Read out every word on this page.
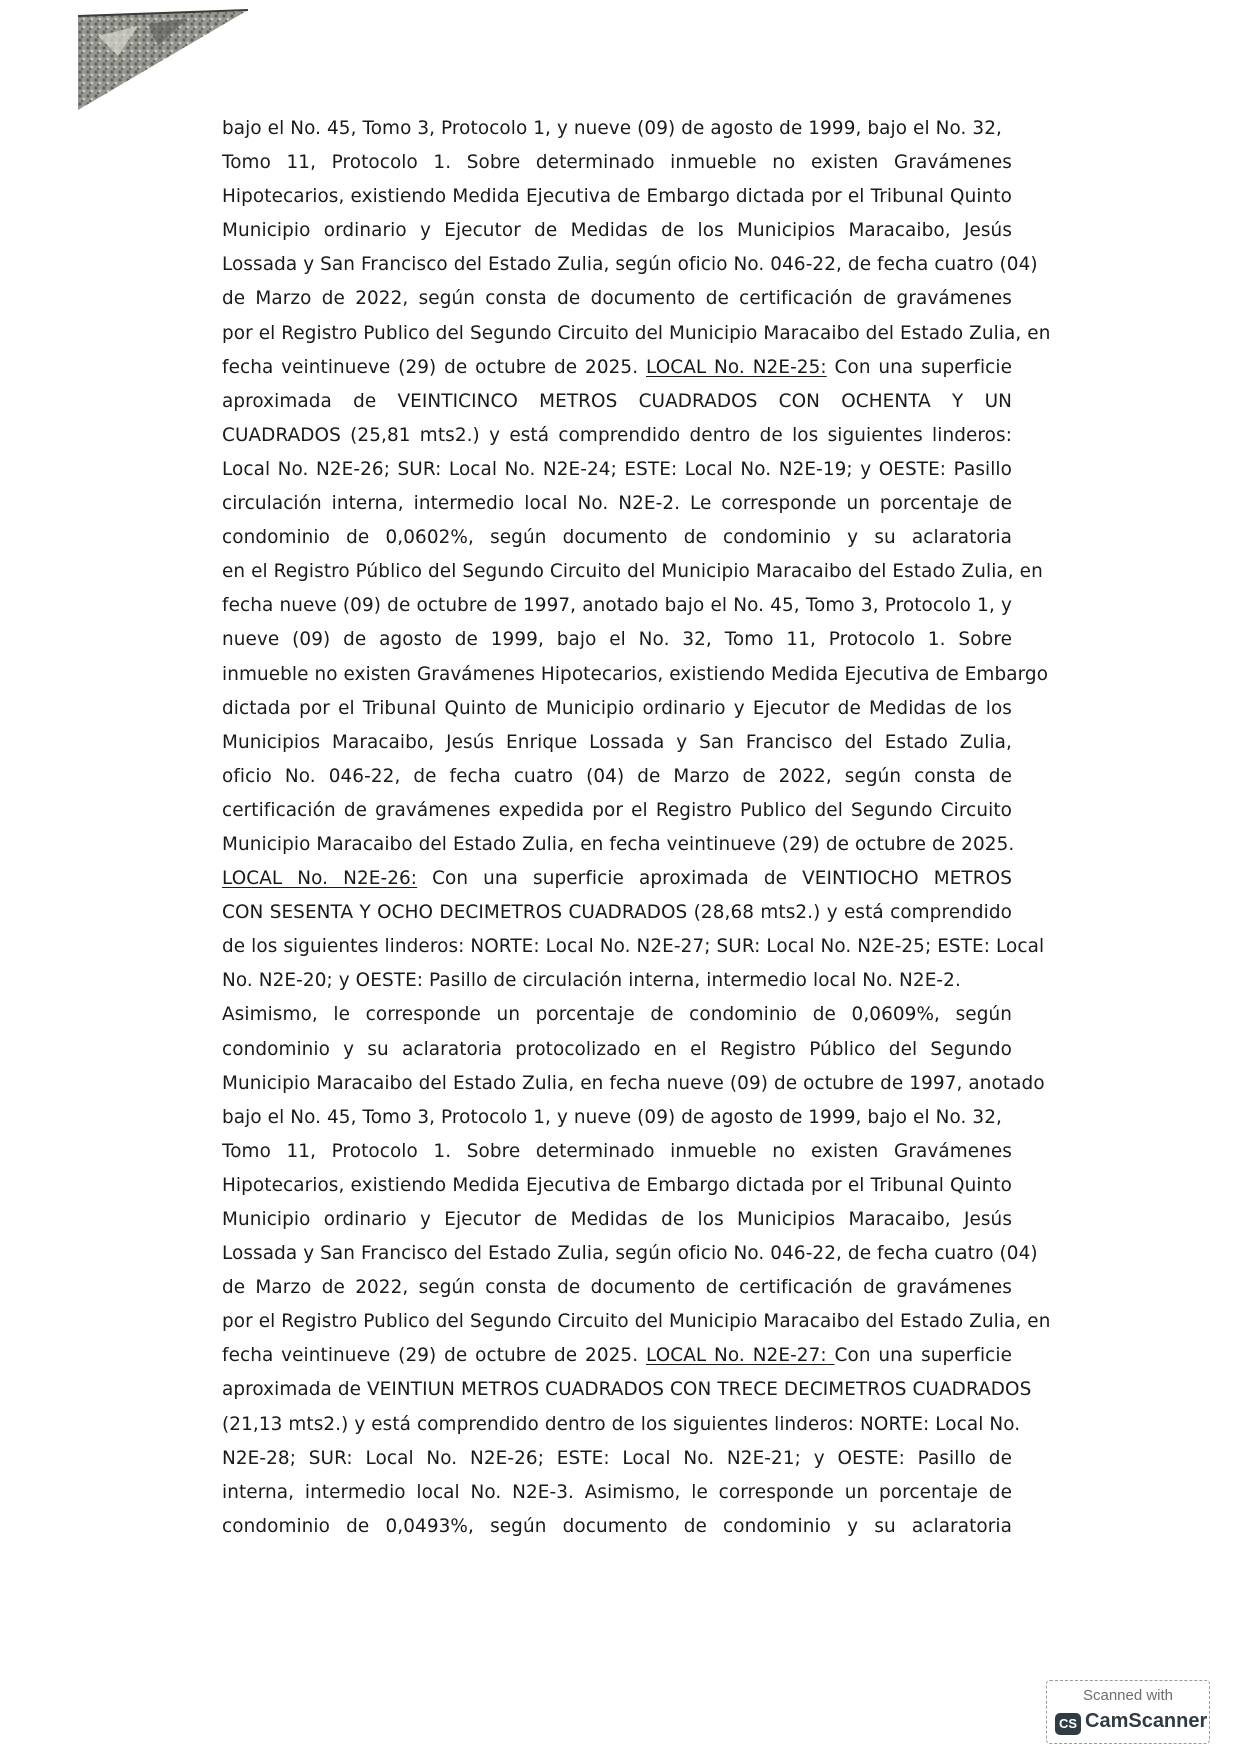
bajo el No. 45, Tomo 3, Protocolo 1, y nueve (09) de agosto de 1999, bajo el No. 32,
Tomo 11, Protocolo 1. Sobre determinado inmueble no existen Gravámenes
Hipotecarios, existiendo Medida Ejecutiva de Embargo dictada por el Tribunal Quinto
Municipio ordinario y Ejecutor de Medidas de los Municipios Maracaibo, Jesús
Lossada y San Francisco del Estado Zulia, según oficio No. 046-22, de fecha cuatro (04)
de Marzo de 2022, según consta de documento de certificación de gravámenes
por el Registro Publico del Segundo Circuito del Municipio Maracaibo del Estado Zulia, en
fecha veintinueve (29) de octubre de 2025. LOCAL No. N2E-25: Con una superficie
aproximada de VEINTICINCO METROS CUADRADOS CON OCHENTA Y UN
CUADRADOS (25,81 mts2.) y está comprendido dentro de los siguientes linderos:
Local No. N2E-26; SUR: Local No. N2E-24; ESTE: Local No. N2E-19; y OESTE: Pasillo
circulación interna, intermedio local No. N2E-2. Le corresponde un porcentaje de
condominio de 0,0602%, según documento de condominio y su aclaratoria
en el Registro Público del Segundo Circuito del Municipio Maracaibo del Estado Zulia, en
fecha nueve (09) de octubre de 1997, anotado bajo el No. 45, Tomo 3, Protocolo 1, y
nueve (09) de agosto de 1999, bajo el No. 32, Tomo 11, Protocolo 1. Sobre
inmueble no existen Gravámenes Hipotecarios, existiendo Medida Ejecutiva de Embargo
dictada por el Tribunal Quinto de Municipio ordinario y Ejecutor de Medidas de los
Municipios Maracaibo, Jesús Enrique Lossada y San Francisco del Estado Zulia,
oficio No. 046-22, de fecha cuatro (04) de Marzo de 2022, según consta de
certificación de gravámenes expedida por el Registro Publico del Segundo Circuito
Municipio Maracaibo del Estado Zulia, en fecha veintinueve (29) de octubre de 2025.
LOCAL No. N2E-26: Con una superficie aproximada de VEINTIOCHO METROS
CON SESENTA Y OCHO DECIMETROS CUADRADOS (28,68 mts2.) y está comprendido
de los siguientes linderos: NORTE: Local No. N2E-27; SUR: Local No. N2E-25; ESTE: Local
No. N2E-20; y OESTE: Pasillo de circulación interna, intermedio local No. N2E-2.
Asimismo, le corresponde un porcentaje de condominio de 0,0609%, según
condominio y su aclaratoria protocolizado en el Registro Público del Segundo
Municipio Maracaibo del Estado Zulia, en fecha nueve (09) de octubre de 1997, anotado
bajo el No. 45, Tomo 3, Protocolo 1, y nueve (09) de agosto de 1999, bajo el No. 32,
Tomo 11, Protocolo 1. Sobre determinado inmueble no existen Gravámenes
Hipotecarios, existiendo Medida Ejecutiva de Embargo dictada por el Tribunal Quinto
Municipio ordinario y Ejecutor de Medidas de los Municipios Maracaibo, Jesús
Lossada y San Francisco del Estado Zulia, según oficio No. 046-22, de fecha cuatro (04)
de Marzo de 2022, según consta de documento de certificación de gravámenes
por el Registro Publico del Segundo Circuito del Municipio Maracaibo del Estado Zulia, en
fecha veintinueve (29) de octubre de 2025. LOCAL No. N2E-27: Con una superficie
aproximada de VEINTIUN METROS CUADRADOS CON TRECE DECIMETROS CUADRADOS
(21,13 mts2.) y está comprendido dentro de los siguientes linderos: NORTE: Local No.
N2E-28; SUR: Local No. N2E-26; ESTE: Local No. N2E-21; y OESTE: Pasillo de
interna, intermedio local No. N2E-3. Asimismo, le corresponde un porcentaje de
condominio de 0,0493%, según documento de condominio y su aclaratoria
Scanned with
CS CamScanner
